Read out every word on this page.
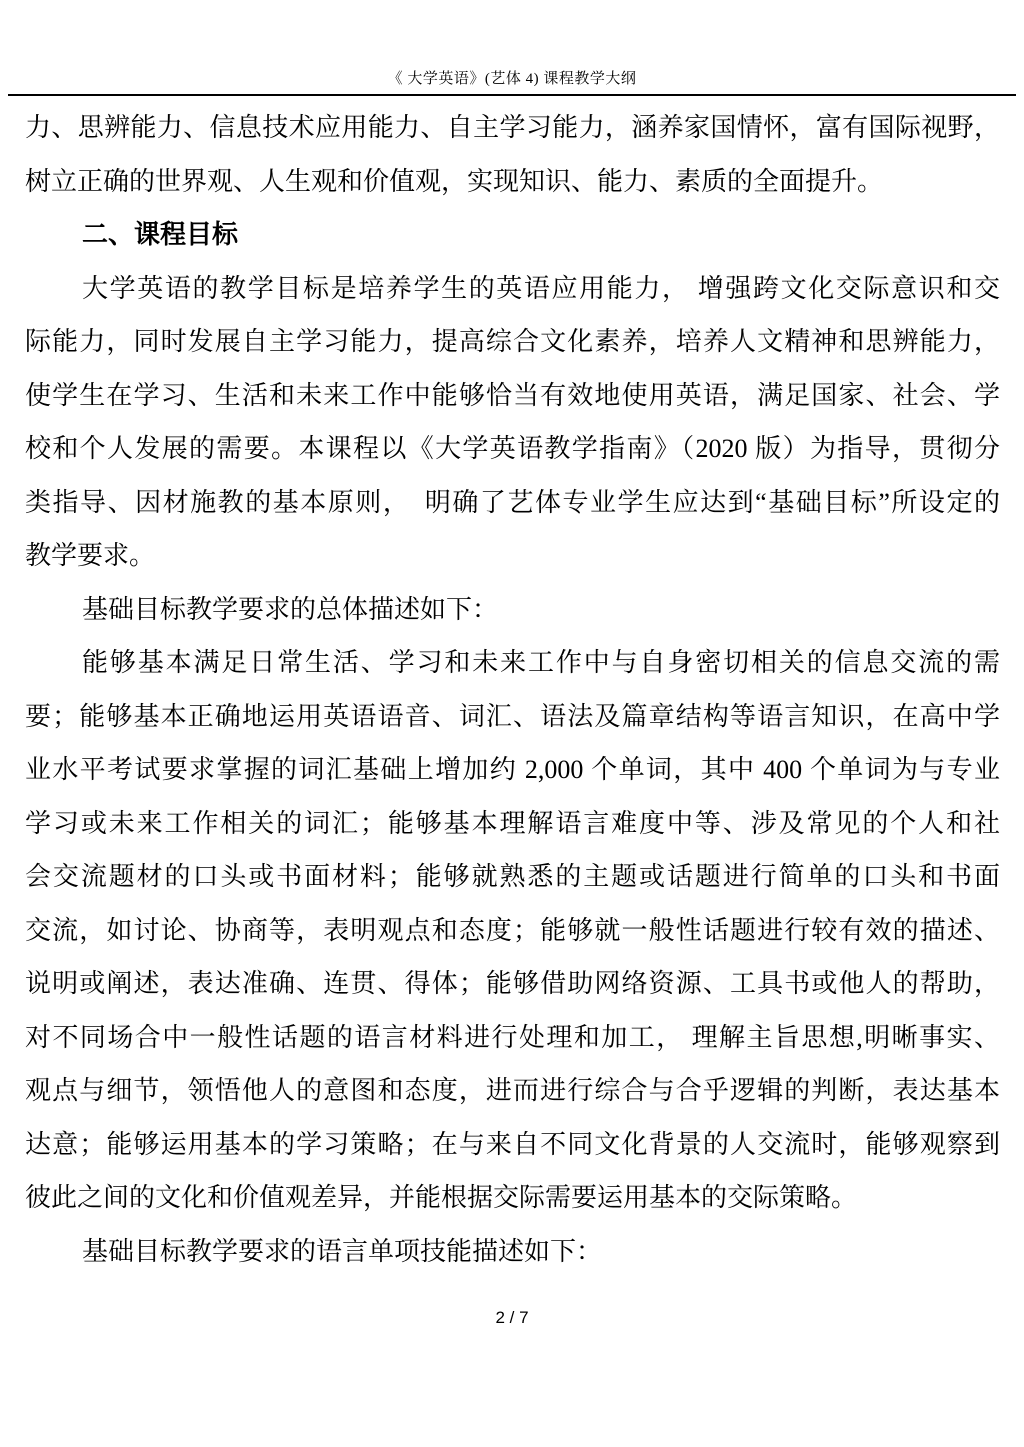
《 大学英语》(艺体 4) 课程教学大纲
力、思辨能力、信息技术应用能力、自主学习能力，涵养家国情怀，富有国际视野，
树立正确的世界观、人生观和价值观，实现知识、能力、素质的全面提升。
二、课程目标
大学英语的教学目标是培养学生的英语应用能力， 增强跨文化交际意识和交
际能力，同时发展自主学习能力，提高综合文化素养，培养人文精神和思辨能力，
使学生在学习、生活和未来工作中能够恰当有效地使用英语，满足国家、社会、学
校和个人发展的需要。本课程以《大学英语教学指南》（2020 版）为指导，贯彻分
类指导、因材施教的基本原则，　明确了艺体专业学生应达到“基础目标”所设定的
教学要求。
基础目标教学要求的总体描述如下：
能够基本满足日常生活、学习和未来工作中与自身密切相关的信息交流的需
要；能够基本正确地运用英语语音、词汇、语法及篇章结构等语言知识，在高中学
业水平考试要求掌握的词汇基础上增加约 2,000 个单词，其中 400 个单词为与专业
学习或未来工作相关的词汇；能够基本理解语言难度中等、涉及常见的个人和社
会交流题材的口头或书面材料；能够就熟悉的主题或话题进行简单的口头和书面
交流，如讨论、协商等，表明观点和态度；能够就一般性话题进行较有效的描述、
说明或阐述，表达准确、连贯、得体；能够借助网络资源、工具书或他人的帮助，
对不同场合中一般性话题的语言材料进行处理和加工， 理解主旨思想,明晰事实、
观点与细节，领悟他人的意图和态度，进而进行综合与合乎逻辑的判断，表达基本
达意；能够运用基本的学习策略；在与来自不同文化背景的人交流时，能够观察到
彼此之间的文化和价值观差异，并能根据交际需要运用基本的交际策略。
基础目标教学要求的语言单项技能描述如下：
2 / 7
